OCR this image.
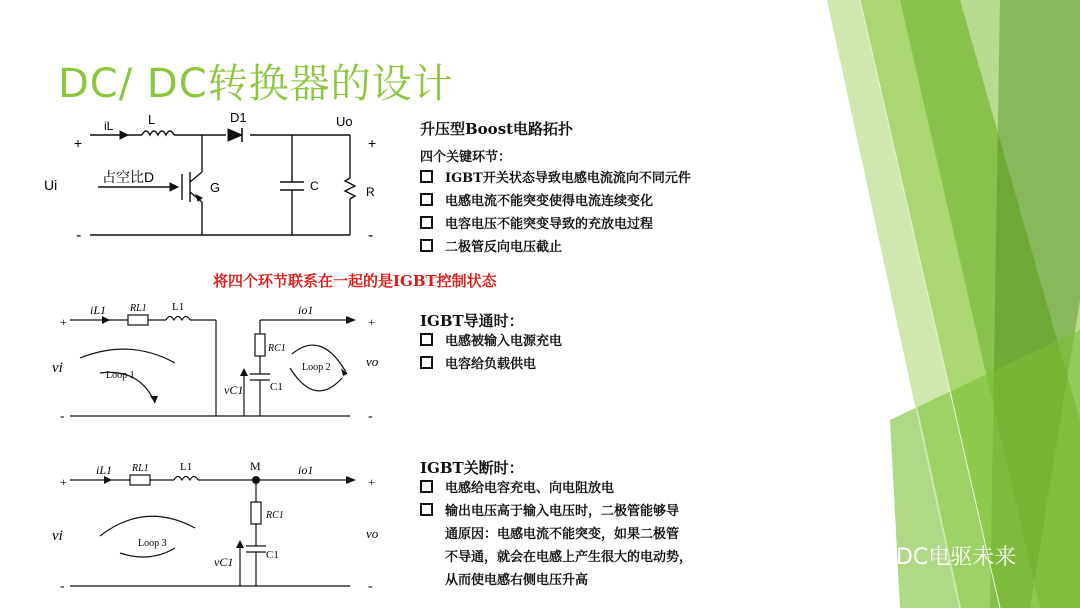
DC/ DC转换器的设计
+
-
+
-
iL	L	D1	Uo
Ui	占空比D
G	C	R
升压型Boost电路拓扑
四个关键环节：
IGBT开关状态导致电感电流流向不同元件
电感电流不能突变使得电流连续变化
电容电压不能突变导致的充放电过程
二极管反向电压截止
将四个环节联系在一起的是IGBT控制状态
+
-
+
-
iL1 RL1 L1	io1
RC1
vi	vo
vC1 C1
Loop 1
Loop 2
IGBT导通时：
电感被输入电源充电
电容给负载供电
+
-
+
-
iL1 RL1	L1	M	io1
RC1
vi	vo
vC1	C1
Loop 3
IGBT关断时：
电感给电容充电、向电阻放电
输出电压高于输入电压时，二极管能够导
通原因：电感电流不能突变，如果二极管
不导通，就会在电感上产生很大的电动势，
从而使电感右侧电压升高
EDC电驱未来
